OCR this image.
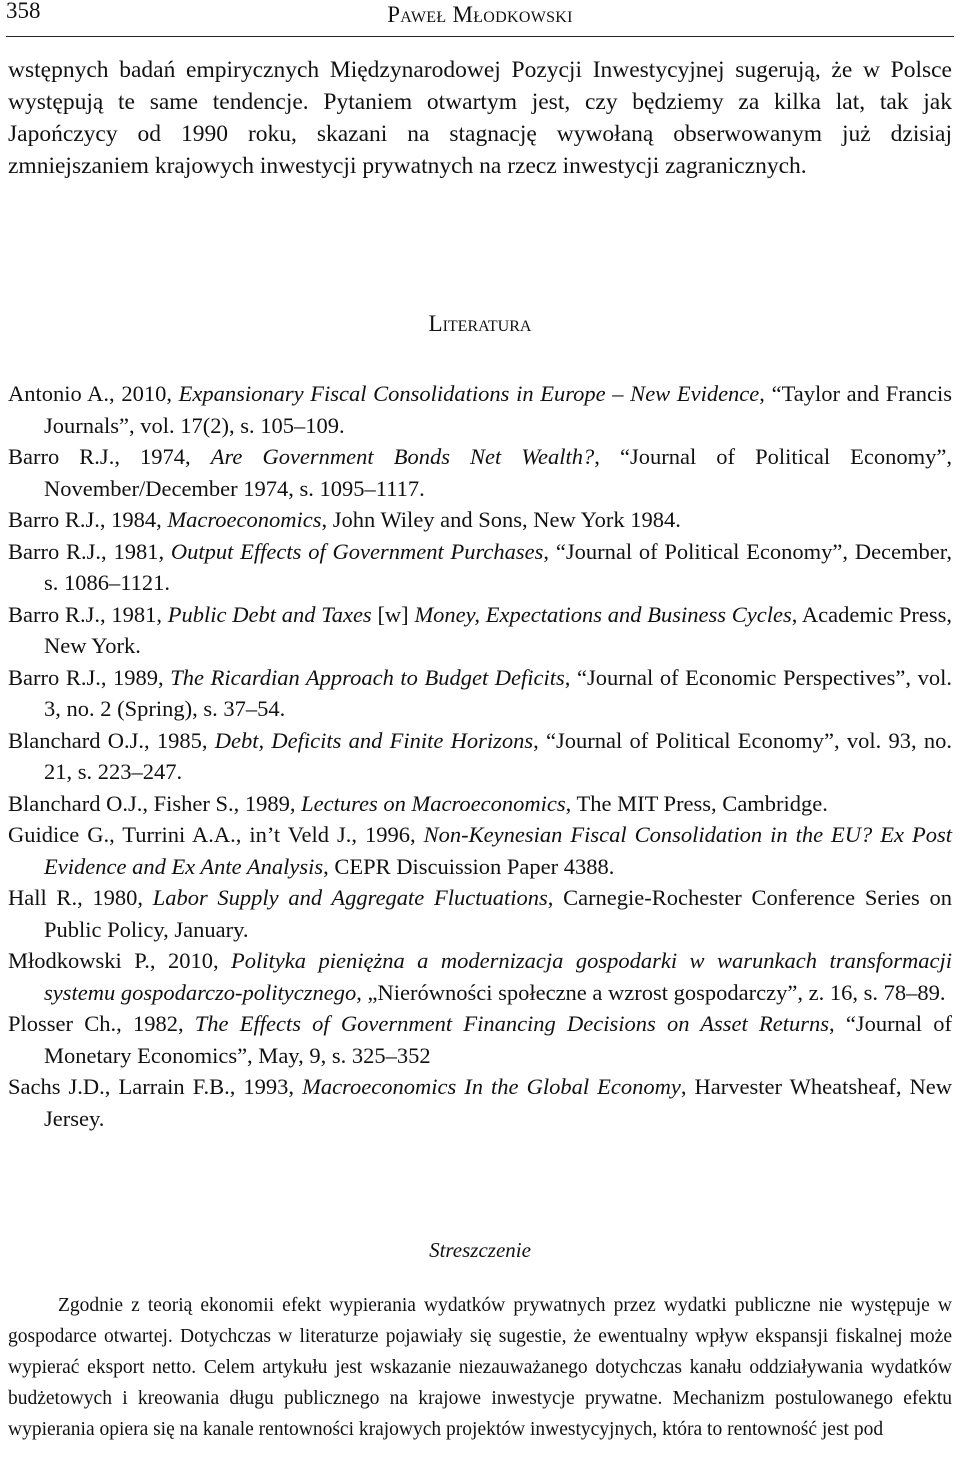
358	Paweł Młodkowski

wstępnych badań empirycznych Międzynarodowej Pozycji Inwestycyjnej sugerują, że w Polsce występują te same tendencje. Pytaniem otwartym jest, czy będziemy za kilka lat, tak jak Japończycy od 1990 roku, skazani na stagnację wywołaną obserwowanym już dzisiaj zmniejszaniem krajowych inwestycji prywatnych na rzecz inwestycji zagranicznych.

Literatura
Antonio A., 2010, Expansionary Fiscal Consolidations in Europe – New Evidence, “Taylor and Francis Journals”, vol. 17(2), s. 105–109.
Barro R.J., 1974, Are Government Bonds Net Wealth?, “Journal of Political Economy”, November/December 1974, s. 1095–1117.
Barro R.J., 1984, Macroeconomics, John Wiley and Sons, New York 1984.
Barro R.J., 1981, Output Effects of Government Purchases, “Journal of Political Economy”, December, s. 1086–1121.
Barro R.J., 1981, Public Debt and Taxes [w] Money, Expectations and Business Cycles, Academic Press, New York.
Barro R.J., 1989, The Ricardian Approach to Budget Deficits, “Journal of Economic Perspectives”, vol. 3, no. 2 (Spring), s. 37–54.
Blanchard O.J., 1985, Debt, Deficits and Finite Horizons, “Journal of Political Economy”, vol. 93, no. 21, s. 223–247.
Blanchard O.J., Fisher S., 1989, Lectures on Macroeconomics, The MIT Press, Cambridge.
Guidice G., Turrini A.A., in’t Veld J., 1996, Non-Keynesian Fiscal Consolidation in the EU? Ex Post Evidence and Ex Ante Analysis, CEPR Discuission Paper 4388.
Hall R., 1980, Labor Supply and Aggregate Fluctuations, Carnegie-Rochester Conference Series on Public Policy, January.
Młodkowski P., 2010, Polityka pieniężna a modernizacja gospodarki w warunkach transformacji systemu gospodarczo-politycznego, „Nierówności społeczne a wzrost gospodarczy”, z. 16, s. 78–89.
Plosser Ch., 1982, The Effects of Government Financing Decisions on Asset Returns, “Journal of Monetary Economics”, May, 9, s. 325–352
Sachs J.D., Larrain F.B., 1993, Macroeconomics In the Global Economy, Harvester Wheatsheaf, New Jersey.
Streszczenie

Zgodnie z teorią ekonomii efekt wypierania wydatków prywatnych przez wydatki publiczne nie występuje w gospodarce otwartej. Dotychczas w literaturze pojawiały się sugestie, że ewentualny wpływ ekspansji fiskalnej może wypierać eksport netto. Celem artykułu jest wskazanie niezauważanego dotychczas kanału oddziaływania wydatków budżetowych i kreowania długu publicznego na krajowe inwestycje prywatne. Mechanizm postulowanego efektu wypierania opiera się na kanale rentowności krajowych projektów inwestycyjnych, która to rentowność jest pod
